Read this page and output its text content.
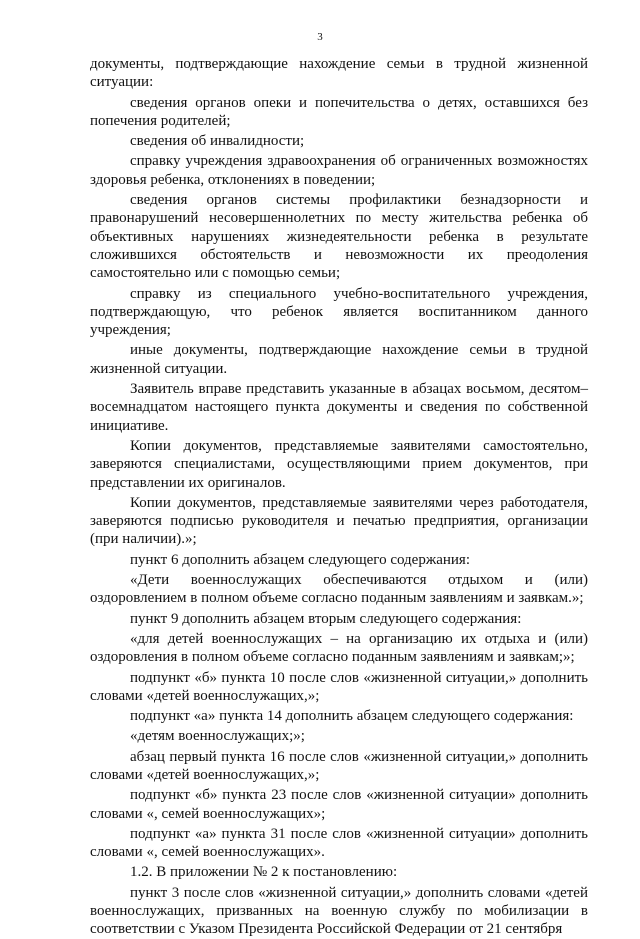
3

документы, подтверждающие нахождение семьи в трудной жизненной ситуации:

сведения органов опеки и попечительства о детях, оставшихся без попечения родителей;

сведения об инвалидности;

справку учреждения здравоохранения об ограниченных возможностях здоровья ребенка, отклонениях в поведении;

сведения органов системы профилактики безнадзорности и правонарушений несовершеннолетних по месту жительства ребенка об объективных нарушениях жизнедеятельности ребенка в результате сложившихся обстоятельств и невозможности их преодоления самостоятельно или с помощью семьи;

справку из специального учебно-воспитательного учреждения, подтверждающую, что ребенок является воспитанником данного учреждения;

иные документы, подтверждающие нахождение семьи в трудной жизненной ситуации.

Заявитель вправе представить указанные в абзацах восьмом, десятом–восемнадцатом настоящего пункта документы и сведения по собственной инициативе.

Копии документов, представляемые заявителями самостоятельно, заверяются специалистами, осуществляющими прием документов, при представлении их оригиналов.

Копии документов, представляемые заявителями через работодателя, заверяются подписью руководителя и печатью предприятия, организации (при наличии).»;

пункт 6 дополнить абзацем следующего содержания:

«Дети военнослужащих обеспечиваются отдыхом и (или) оздоровлением в полном объеме согласно поданным заявлениям и заявкам.»;

пункт 9 дополнить абзацем вторым следующего содержания:

«для детей военнослужащих – на организацию их отдыха и (или) оздоровления в полном объеме согласно поданным заявлениям и заявкам;»;

подпункт «б» пункта 10 после слов «жизненной ситуации,» дополнить словами «детей военнослужащих,»;

подпункт «а» пункта 14 дополнить абзацем следующего содержания:

«детям военнослужащих;»;

абзац первый пункта 16 после слов «жизненной ситуации,» дополнить словами «детей военнослужащих,»;

подпункт «б» пункта 23 после слов «жизненной ситуации» дополнить словами «, семей военнослужащих»;

подпункт «а» пункта 31 после слов «жизненной ситуации» дополнить словами «, семей военнослужащих».

1.2. В приложении № 2 к постановлению:

пункт 3 после слов «жизненной ситуации,» дополнить словами «детей военнослужащих, призванных на военную службу по мобилизации в соответствии с Указом Президента Российской Федерации от 21 сентября
